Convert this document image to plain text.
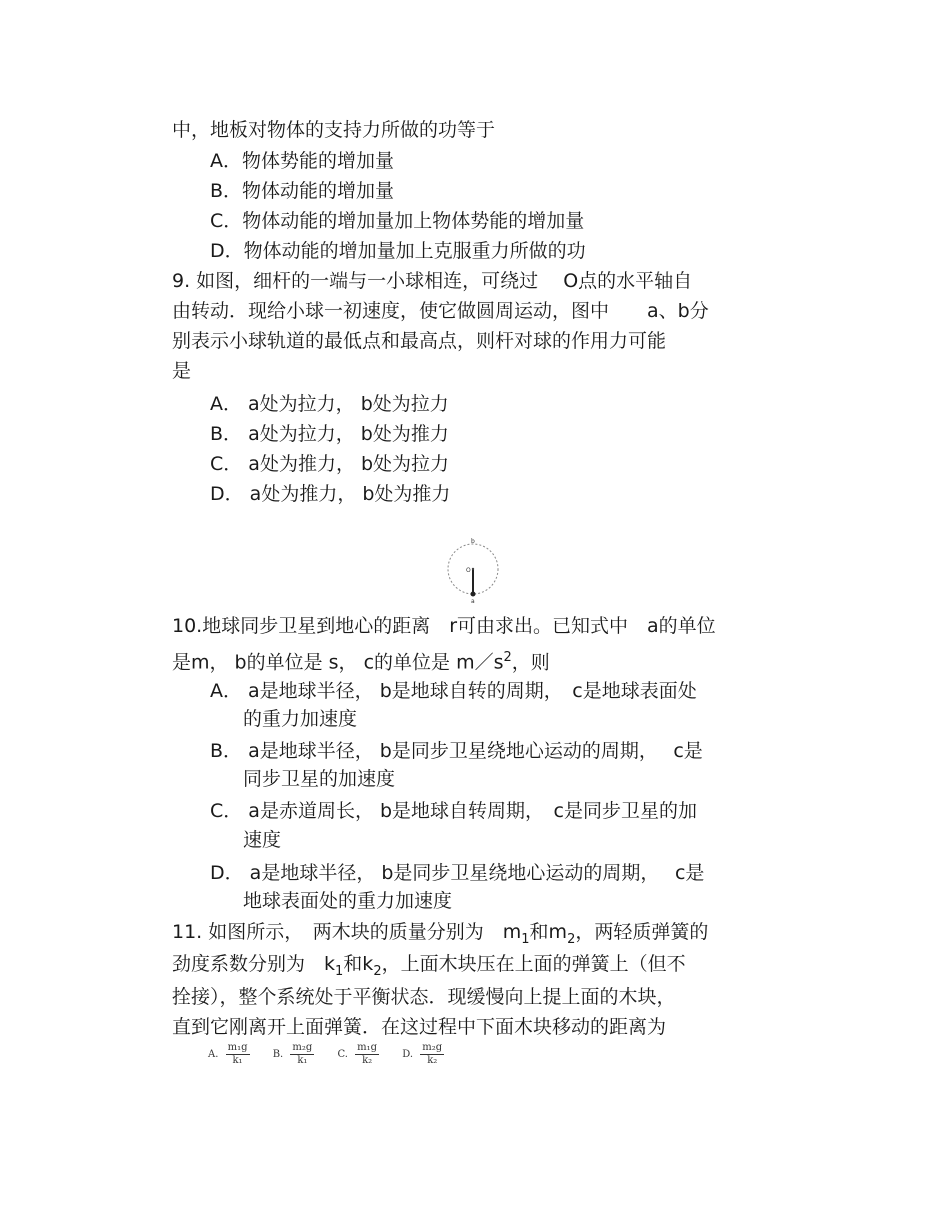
中，地板对物体的支持力所做的功等于
A．物体势能的增加量
B．物体动能的增加量
C．物体动能的增加量加上物体势能的增加量
D．物体动能的增加量加上克服重力所做的功
9. 如图，细杆的一端与一小球相连，可绕过　 O点的水平轴自
由转动．现给小球一初速度，使它做圆周运动，图中　　a、b分
别表示小球轨道的最低点和最高点，则杆对球的作用力可能
是
A． a处为拉力， b处为拉力
B． a处为拉力， b处为推力
C． a处为推力， b处为拉力
D． a处为推力， b处为推力
b
O
a
10.地球同步卫星到地心的距离　r可由求出。已知式中　a的单位
是m， b的单位是 s， c的单位是 $m/s^2$，则
A． a是地球半径， b是地球自转的周期，　c是地球表面处
的重力加速度
B． a是地球半径， b是同步卫星绕地心运动的周期，　 c是
同步卫星的加速度
C． a是赤道周长， b是地球自转周期，　c是同步卫星的加
速度
D． a是地球半径， b是同步卫星绕地心运动的周期，　 c是
地球表面处的重力加速度
11. 如图所示，　两木块的质量分别为　$m_1$和$m_2$，两轻质弹簧的
劲度系数分别为　$k_1$和$k_2$，上面木块压在上面的弹簧上（但不
拴接），整个系统处于平衡状态．现缓慢向上提上面的木块，
直到它刚离开上面弹簧．在这过程中下面木块移动的距离为
A. $\frac{\text{m₁g}}{\text{k₁}} B$. $\frac{\text{m₂g}}{\text{k₁}} C$. $\frac{\text{m₁g}}{\text{k₂}} D$. $\frac{\text{m₂g}}{\text{k₂}}$
